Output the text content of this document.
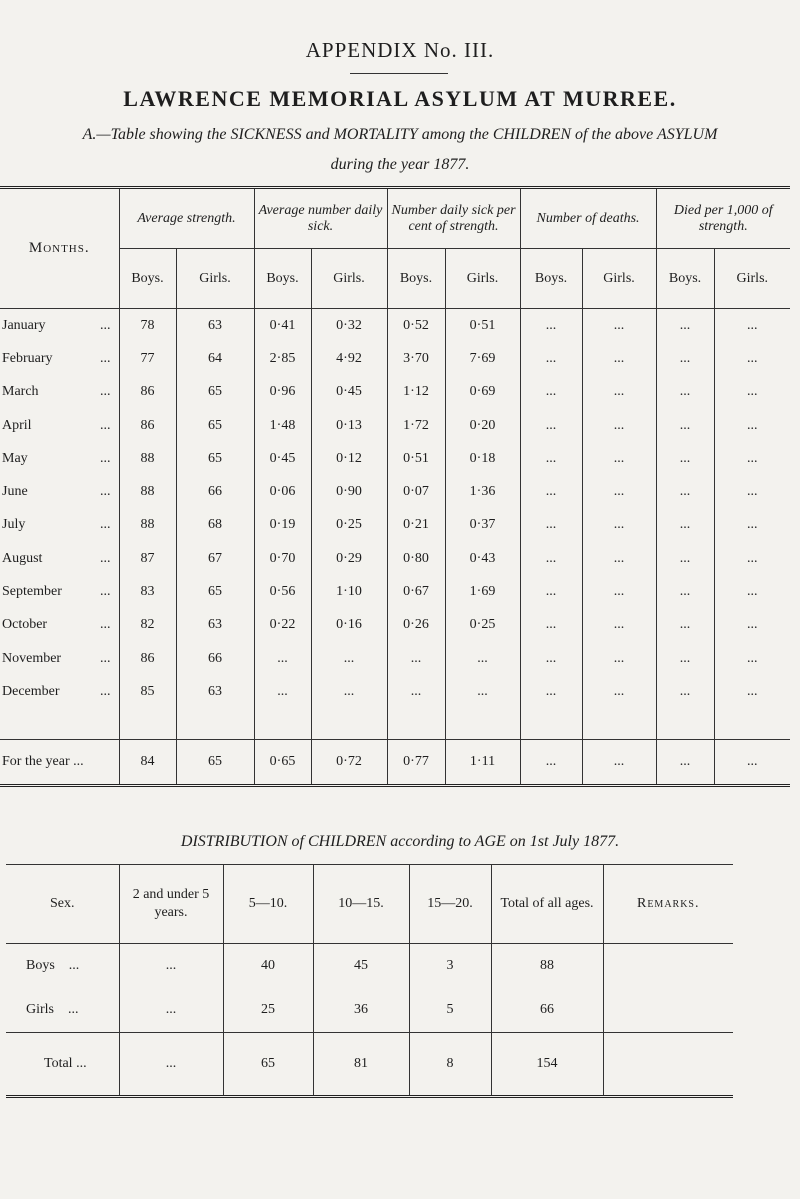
APPENDIX No. III.
LAWRENCE MEMORIAL ASYLUM AT MURREE.
A.—Table showing the SICKNESS and MORTALITY among the CHILDREN of the above ASYLUM
during the year 1877.
Months.	Average strength.		Average number daily sick.		Number daily sick per cent of strength.		Number of deaths.		Died per 1,000 of strength.	
	Boys.	Girls.	Boys.	Girls.	Boys.	Girls.	Boys.	Girls.	Boys.	Girls.
January ...	78	63	0·41	0·32	0·52	0·51	...	...	...	...
February ...	77	64	2·85	4·92	3·70	7·69	...	...	...	...
March ...	86	65	0·96	0·45	1·12	0·69	...	...	...	...
April ...	86	65	1·48	0·13	1·72	0·20	...	...	...	...
May ...	88	65	0·45	0·12	0·51	0·18	...	...	...	...
June ...	88	66	0·06	0·90	0·07	1·36	...	...	...	...
July ...	88	68	0·19	0·25	0·21	0·37	...	...	...	...
August ...	87	67	0·70	0·29	0·80	0·43	...	...	...	...
September ...	83	65	0·56	1·10	0·67	1·69	...	...	...	...
October ...	82	63	0·22	0·16	0·26	0·25	...	...	...	...
November ...	86	66	...	...	...	...	...	...	...	...
December ...	85	63	...	...	...	...	...	...	...	...

For the year ...	84	65	0·65	0·72	0·77	1·11	...	...	...	...
DISTRIBUTION of CHILDREN according to AGE on 1st July 1877.
Sex.	2 and under 5 years.	5—10.	10—15.	15—20.	Total of all ages.	Remarks.
Boys ...	...	40	45	3	88	
Girls ...	...	25	36	5	66	
Total ...	...	65	81	8	154	
